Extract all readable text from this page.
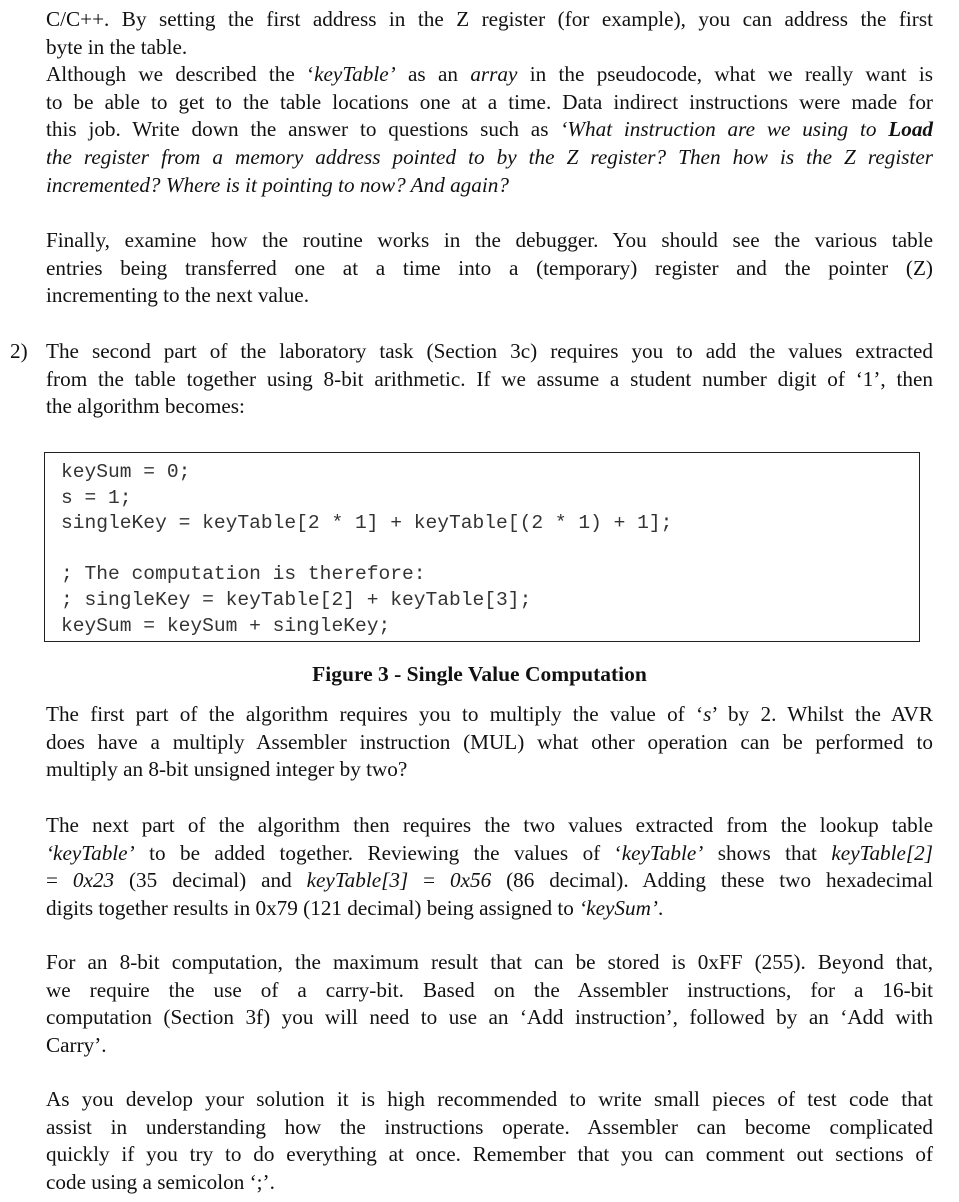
C/C++. By setting the first address in the Z register (for example), you can address the first
byte in the table.
Although we described the ‘keyTable’ as an array in the pseudocode, what we really want is
to be able to get to the table locations one at a time. Data indirect instructions were made for
this job. Write down the answer to questions such as ‘What instruction are we using to Load
the register from a memory address pointed to by the Z register? Then how is the Z register
incremented? Where is it pointing to now? And again?
Finally, examine how the routine works in the debugger. You should see the various table
entries being transferred one at a time into a (temporary) register and the pointer (Z)
incrementing to the next value.
2) The second part of the laboratory task (Section 3c) requires you to add the values extracted
from the table together using 8-bit arithmetic. If we assume a student number digit of ‘1’, then
the algorithm becomes:
keySum = 0;
s = 1;
singleKey = keyTable[2 * 1] + keyTable[(2 * 1) + 1];
; The computation is therefore:
; singleKey = keyTable[2] + keyTable[3];
keySum = keySum + singleKey;
Figure 3 - Single Value Computation
The first part of the algorithm requires you to multiply the value of ‘s’ by 2. Whilst the AVR
does have a multiply Assembler instruction (MUL) what other operation can be performed to
multiply an 8-bit unsigned integer by two?
The next part of the algorithm then requires the two values extracted from the lookup table
‘keyTable’ to be added together. Reviewing the values of ‘keyTable’ shows that keyTable[2]
= 0x23 (35 decimal) and keyTable[3] = 0x56 (86 decimal). Adding these two hexadecimal
digits together results in 0x79 (121 decimal) being assigned to ‘keySum’.
For an 8-bit computation, the maximum result that can be stored is 0xFF (255). Beyond that,
we require the use of a carry-bit. Based on the Assembler instructions, for a 16-bit
computation (Section 3f) you will need to use an ‘Add instruction’, followed by an ‘Add with
Carry’.
As you develop your solution it is high recommended to write small pieces of test code that
assist in understanding how the instructions operate. Assembler can become complicated
quickly if you try to do everything at once. Remember that you can comment out sections of
code using a semicolon ‘;’.
